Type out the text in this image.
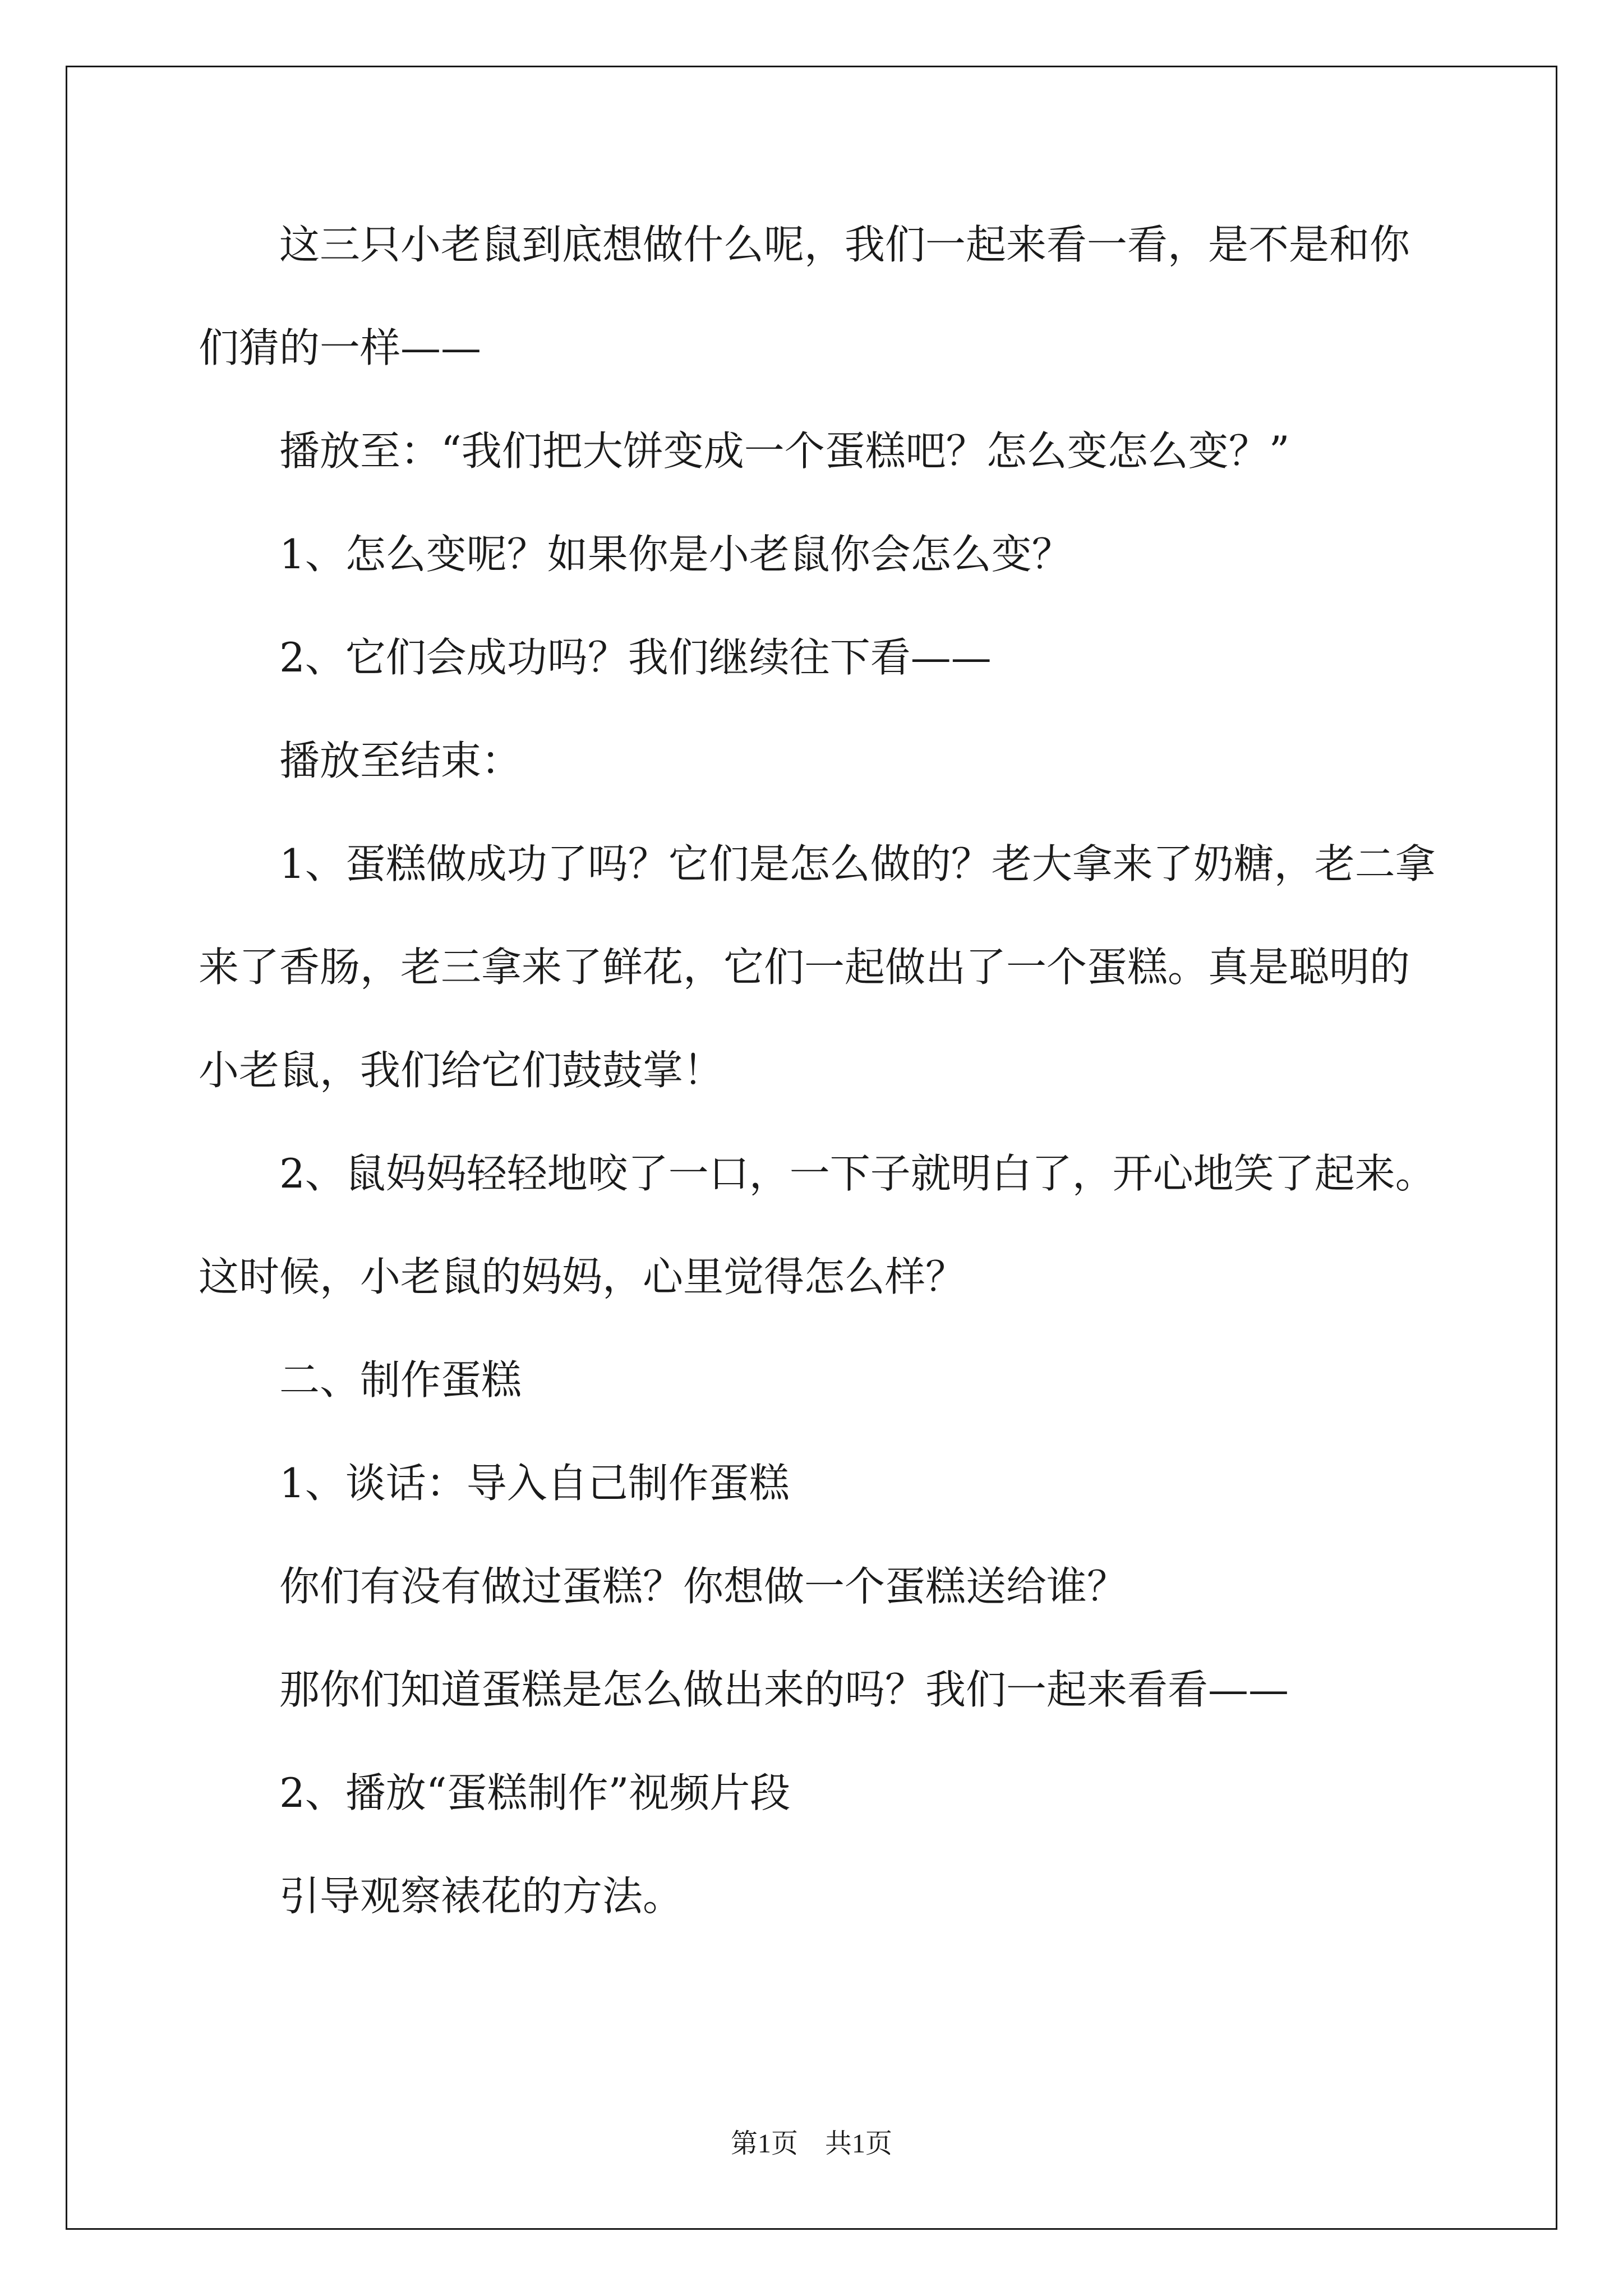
这三只小老鼠到底想做什么呢，我们一起来看一看，是不是和你
们猜的一样——
播放至：“我们把大饼变成一个蛋糕吧？怎么变怎么变？”
1、怎么变呢？如果你是小老鼠你会怎么变？
2、它们会成功吗？我们继续往下看——
播放至结束：
1、蛋糕做成功了吗？它们是怎么做的？老大拿来了奶糖，老二拿
来了香肠，老三拿来了鲜花，它们一起做出了一个蛋糕。真是聪明的
小老鼠，我们给它们鼓鼓掌！
2、鼠妈妈轻轻地咬了一口，一下子就明白了，开心地笑了起来。
这时候，小老鼠的妈妈，心里觉得怎么样？
二、制作蛋糕
1、谈话：导入自己制作蛋糕
你们有没有做过蛋糕？你想做一个蛋糕送给谁？
那你们知道蛋糕是怎么做出来的吗？我们一起来看看——
2、播放“蛋糕制作”视频片段
引导观察裱花的方法。
第1页　共1页
